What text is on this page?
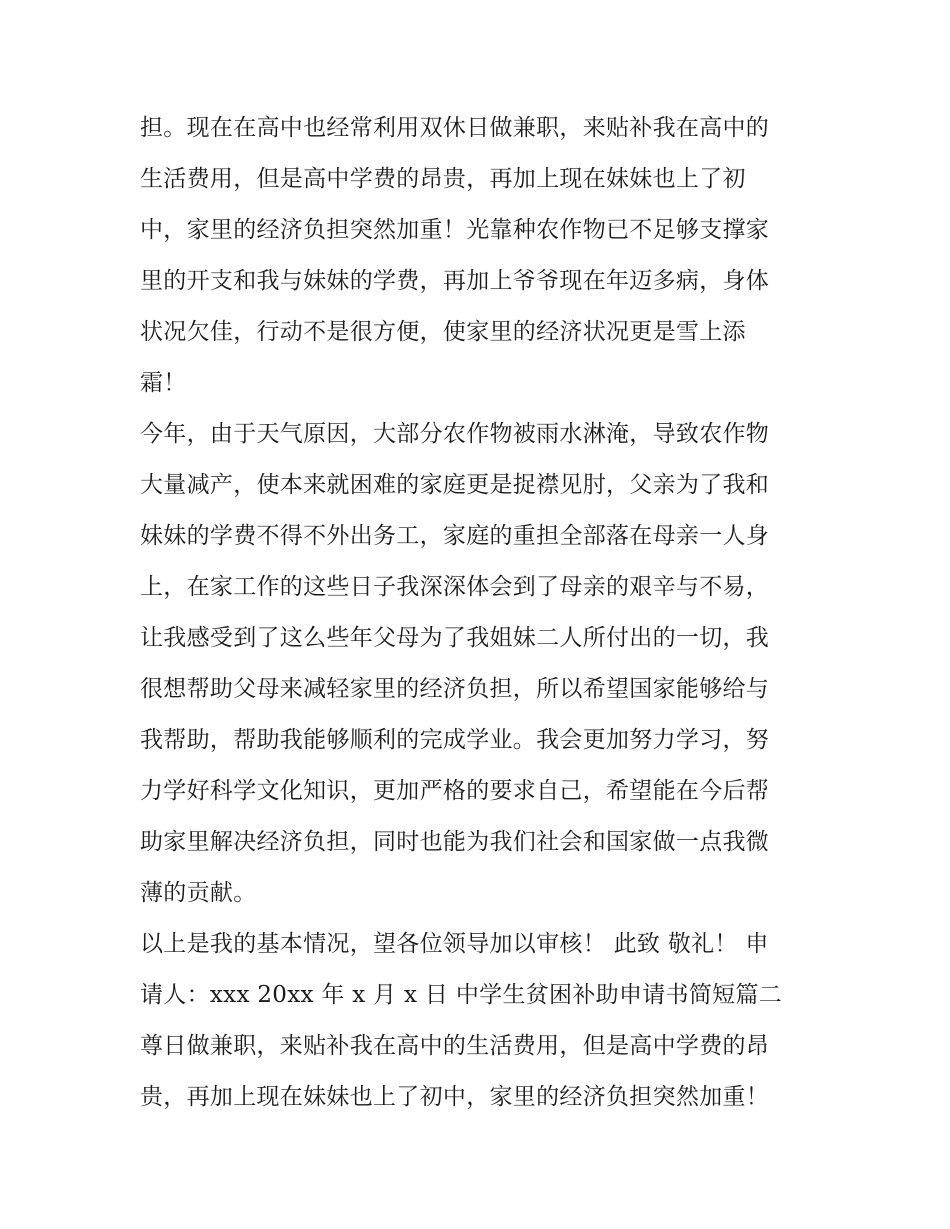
担。现在在高中也经常利用双休日做兼职，来贴补我在高中的
生活费用，但是高中学费的昂贵，再加上现在妹妹也上了初
中，家里的经济负担突然加重！光靠种农作物已不足够支撑家
里的开支和我与妹妹的学费，再加上爷爷现在年迈多病，身体
状况欠佳，行动不是很方便，使家里的经济状况更是雪上添
霜！
今年，由于天气原因，大部分农作物被雨水淋淹，导致农作物
大量减产，使本来就困难的家庭更是捉襟见肘，父亲为了我和
妹妹的学费不得不外出务工，家庭的重担全部落在母亲一人身
上，在家工作的这些日子我深深体会到了母亲的艰辛与不易，
让我感受到了这么些年父母为了我姐妹二人所付出的一切，我
很想帮助父母来减轻家里的经济负担，所以希望国家能够给与
我帮助，帮助我能够顺利的完成学业。我会更加努力学习，努
力学好科学文化知识，更加严格的要求自己，希望能在今后帮
助家里解决经济负担，同时也能为我们社会和国家做一点我微
薄的贡献。
以上是我的基本情况，望各位领导加以审核！ 此致 敬礼！ 申
请人：xxx 20xx 年 x 月 x 日 中学生贫困补助申请书简短篇二
尊日做兼职，来贴补我在高中的生活费用，但是高中学费的昂
贵，再加上现在妹妹也上了初中，家里的经济负担突然加重！
